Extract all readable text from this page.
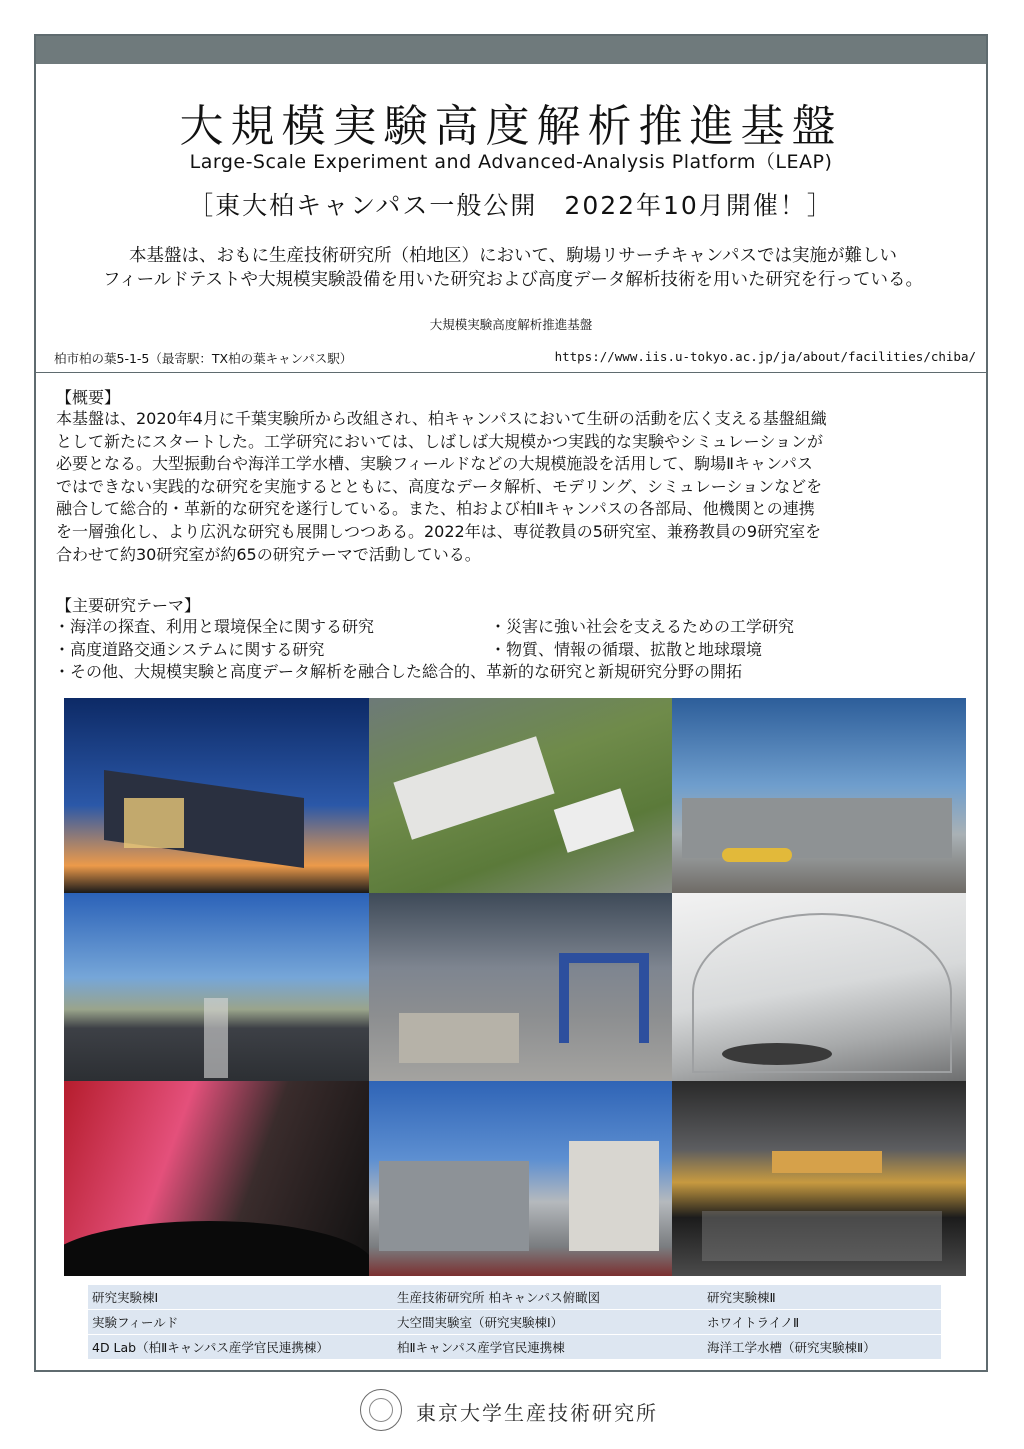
大規模実験高度解析推進基盤
Large-Scale Experiment and Advanced-Analysis Platform（LEAP)
［東大柏キャンパス一般公開　2022年10月開催！］
本基盤は、おもに生産技術研究所（柏地区）において、駒場リサーチキャンパスでは実施が難しい
フィールドテストや大規模実験設備を用いた研究および高度データ解析技術を用いた研究を行っている。
大規模実験高度解析推進基盤
柏市柏の葉5-1-5（最寄駅：TX柏の葉キャンパス駅）	https://www.iis.u-tokyo.ac.jp/ja/about/facilities/chiba/
【概要】
本基盤は、2020年4月に千葉実験所から改組され、柏キャンパスにおいて生研の活動を広く支える基盤組織
として新たにスタートした。工学研究においては、しばしば大規模かつ実践的な実験やシミュレーションが
必要となる。大型振動台や海洋工学水槽、実験フィールドなどの大規模施設を活用して、駒場Ⅱキャンパス
ではできない実践的な研究を実施するとともに、高度なデータ解析、モデリング、シミュレーションなどを
融合して総合的・革新的な研究を遂行している。また、柏および柏Ⅱキャンパスの各部局、他機関との連携
を一層強化し、より広汎な研究も展開しつつある。2022年は、専従教員の5研究室、兼務教員の9研究室を
合わせて約30研究室が約65の研究テーマで活動している。
【主要研究テーマ】
・海洋の探査、利用と環境保全に関する研究	・災害に強い社会を支えるための工学研究
・高度道路交通システムに関する研究	・物質、情報の循環、拡散と地球環境
・その他、大規模実験と高度データ解析を融合した総合的、革新的な研究と新規研究分野の開拓
研究実験棟Ⅰ	生産技術研究所 柏キャンパス俯瞰図	研究実験棟Ⅱ
実験フィールド	大空間実験室（研究実験棟Ⅰ）	ホワイトライノⅡ
4D Lab（柏Ⅱキャンパス産学官民連携棟）	柏Ⅱキャンパス産学官民連携棟	海洋工学水槽（研究実験棟Ⅱ）
東京大学生産技術研究所
